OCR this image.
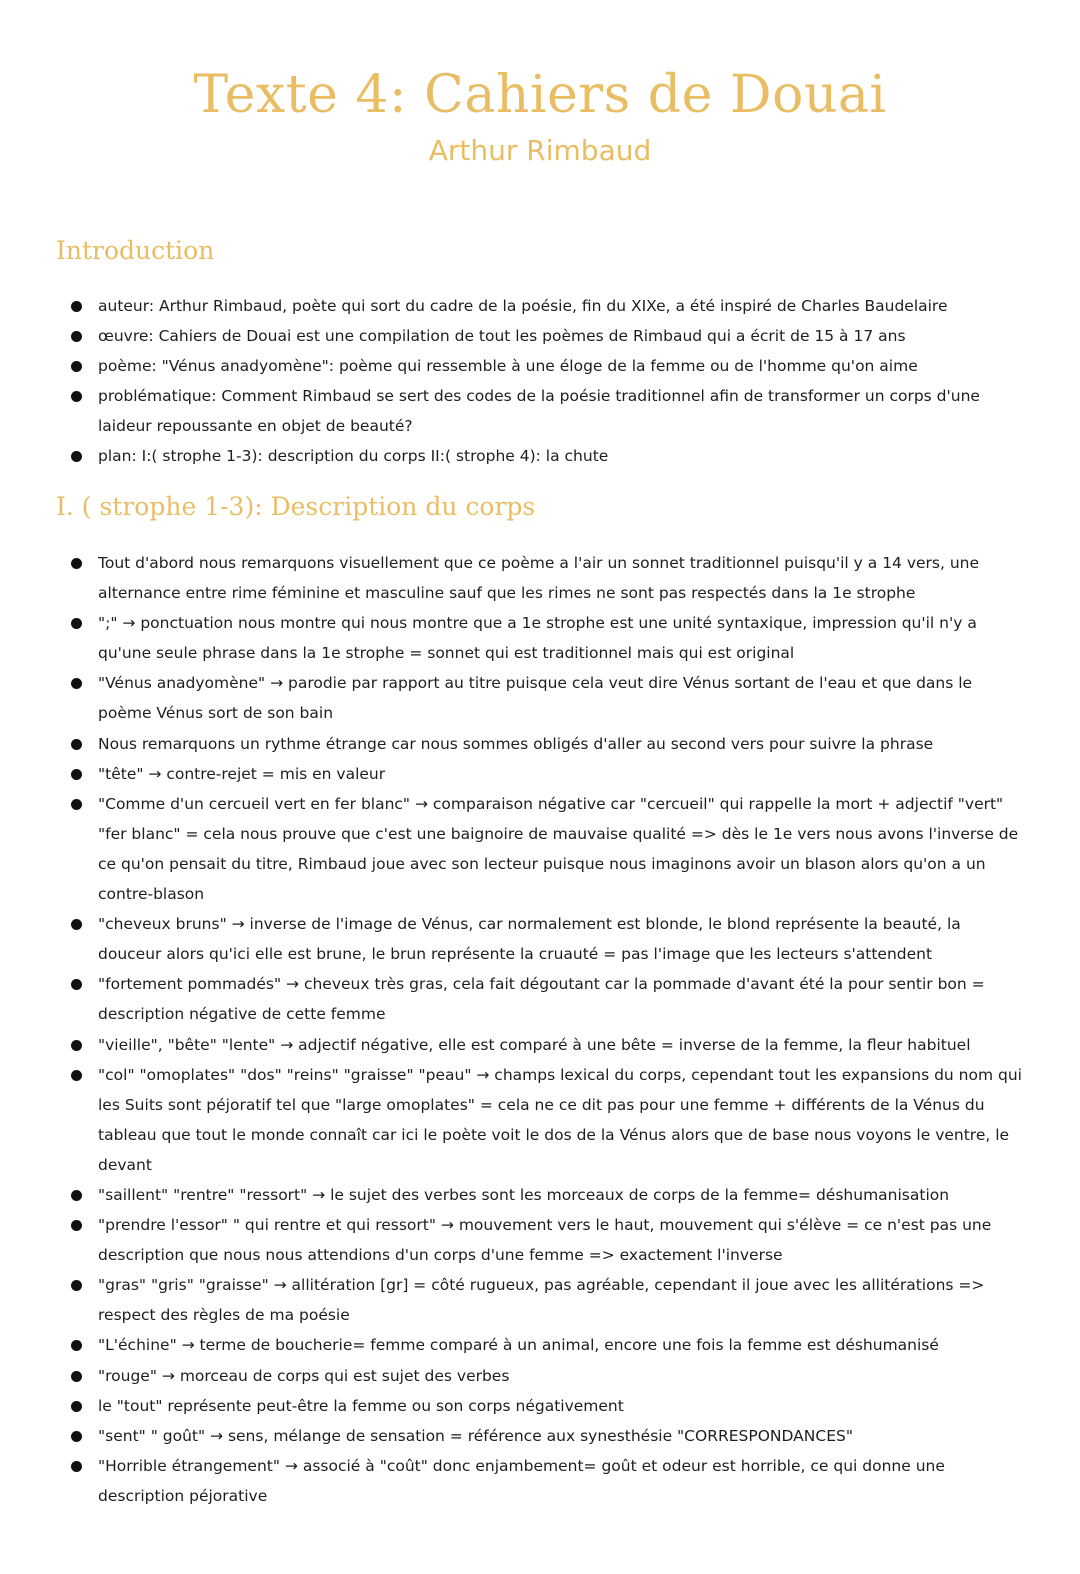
Texte 4: Cahiers de Douai
Arthur Rimbaud
Introduction
auteur: Arthur Rimbaud, poète qui sort du cadre de la poésie, fin du XIXe, a été inspiré de Charles Baudelaire
œuvre: Cahiers de Douai est une compilation de tout les poèmes de Rimbaud qui a écrit de 15 à 17 ans
poème: "Vénus anadyomène": poème qui ressemble à une éloge de la femme ou de l'homme qu'on aime
problématique: Comment Rimbaud se sert des codes de la poésie traditionnel afin de transformer un corps d'une laideur repoussante en objet de beauté?
plan: I:( strophe 1-3): description du corps II:( strophe 4): la chute
I. ( strophe 1-3): Description du corps
Tout d'abord nous remarquons visuellement que ce poème a l'air un sonnet traditionnel puisqu'il y a 14 vers, une alternance entre rime féminine et masculine sauf que les rimes ne sont pas respectés dans la 1e strophe
";" → ponctuation nous montre qui nous montre que a 1e strophe est une unité syntaxique, impression qu'il n'y a qu'une seule phrase dans la 1e strophe = sonnet qui est traditionnel mais qui est original
"Vénus anadyomène" → parodie par rapport au titre puisque cela veut dire Vénus sortant de l'eau et que dans le poème Vénus sort de son bain
Nous remarquons un rythme étrange car nous sommes obligés d'aller au second vers pour suivre la phrase
"tête" → contre-rejet = mis en valeur
"Comme d'un cercueil vert en fer blanc" → comparaison négative car "cercueil" qui rappelle la mort + adjectif "vert" "fer blanc" = cela nous prouve que c'est une baignoire de mauvaise qualité => dès le 1e vers nous avons l'inverse de ce qu'on pensait du titre, Rimbaud joue avec son lecteur puisque nous imaginons avoir un blason alors qu'on a un contre-blason
"cheveux bruns" → inverse de l'image de Vénus, car normalement est blonde, le blond représente la beauté, la douceur alors qu'ici elle est brune, le brun représente la cruauté = pas l'image que les lecteurs s'attendent
"fortement pommadés" → cheveux très gras, cela fait dégoutant car la pommade d'avant été la pour sentir bon = description négative de cette femme
"vieille", "bête" "lente" → adjectif négative, elle est comparé à une bête = inverse de la femme, la fleur habituel
"col" "omoplates" "dos" "reins" "graisse" "peau" → champs lexical du corps, cependant tout les expansions du nom qui les Suits sont péjoratif tel que "large omoplates" = cela ne ce dit pas pour une femme + différents de la Vénus du tableau que tout le monde connaît car ici le poète voit le dos de la Vénus alors que de base nous voyons le ventre, le devant
"saillent" "rentre" "ressort" → le sujet des verbes sont les morceaux de corps de la femme= déshumanisation
"prendre l'essor" " qui rentre et qui ressort" → mouvement vers le haut, mouvement qui s'élève = ce n'est pas une description que nous nous attendions d'un corps d'une femme => exactement l'inverse
"gras" "gris" "graisse" → allitération [gr] = côté rugueux, pas agréable, cependant il joue avec les allitérations => respect des règles de ma poésie
"L'échine" → terme de boucherie= femme comparé à un animal, encore une fois la femme est déshumanisé
"rouge" → morceau de corps qui est sujet des verbes
le "tout" représente peut-être la femme ou son corps négativement
"sent" " goût" → sens, mélange de sensation = référence aux synesthésie "CORRESPONDANCES"
"Horrible étrangement" → associé à "coût" donc enjambement= goût et odeur est horrible, ce qui donne une description péjorative
